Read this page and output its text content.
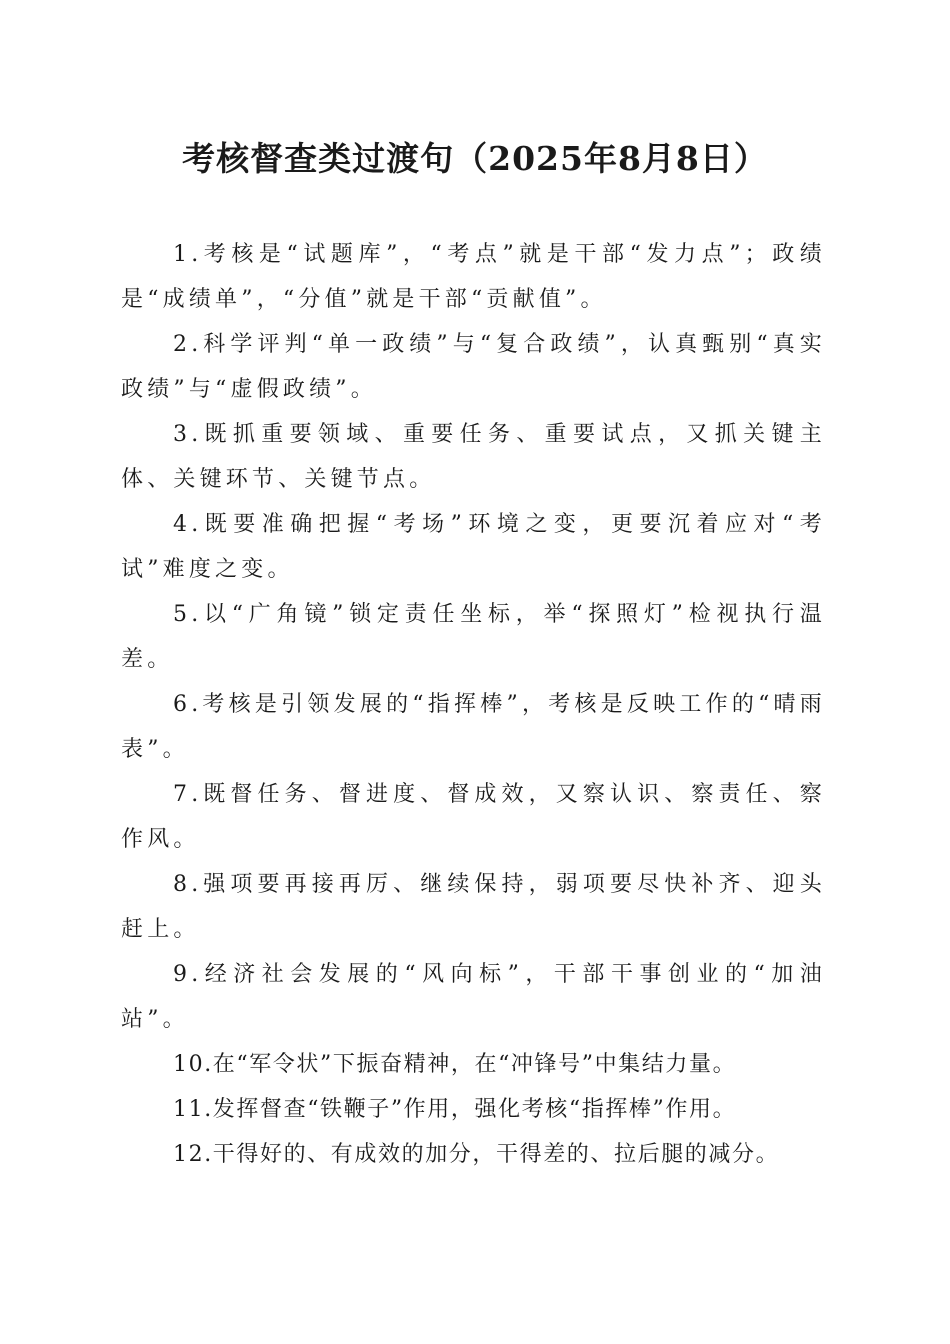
考核督查类过渡句（2025年8月8日）

1.考核是“试题库”，“考点”就是干部“发力点”；政绩是“成绩单”，“分值”就是干部“贡献值”。

2.科学评判“单一政绩”与“复合政绩”，认真甄别“真实政绩”与“虚假政绩”。

3.既抓重要领域、重要任务、重要试点，又抓关键主体、关键环节、关键节点。

4.既要准确把握“考场”环境之变，更要沉着应对“考试”难度之变。

5.以“广角镜”锁定责任坐标，举“探照灯”检视执行温差。

6.考核是引领发展的“指挥棒”，考核是反映工作的“晴雨表”。

7.既督任务、督进度、督成效，又察认识、察责任、察作风。

8.强项要再接再厉、继续保持，弱项要尽快补齐、迎头赶上。

9.经济社会发展的“风向标”，干部干事创业的“加油站”。

10.在“军令状”下振奋精神，在“冲锋号”中集结力量。

11.发挥督查“铁鞭子”作用，强化考核“指挥棒”作用。

12.干得好的、有成效的加分，干得差的、拉后腿的减分。
